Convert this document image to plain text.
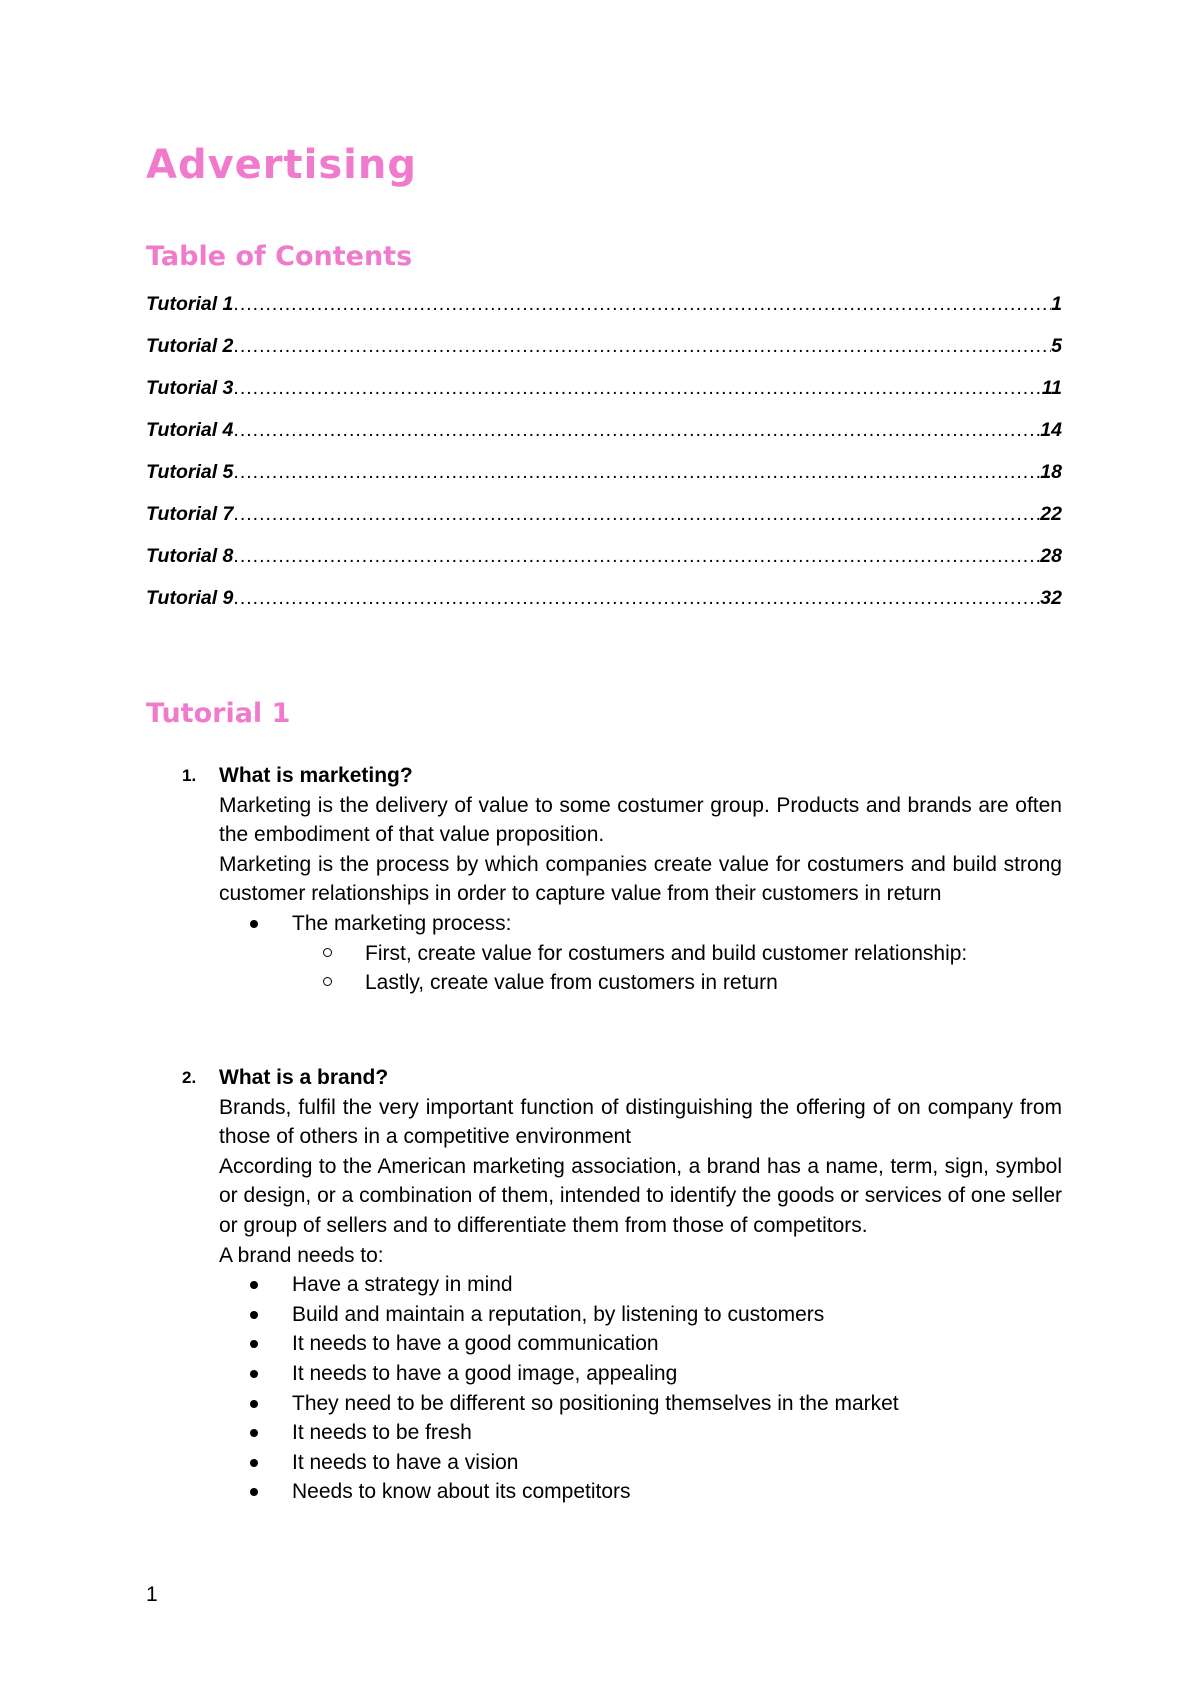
Advertising
Table of Contents
Tutorial 1 .....	1
Tutorial 2 .....	5
Tutorial 3 .....	11
Tutorial 4 .....	14
Tutorial 5 .....	18
Tutorial 7 .....	22
Tutorial 8 .....	28
Tutorial 9 .....	32
Tutorial 1
1. What is marketing?

Marketing is the delivery of value to some costumer group. Products and brands are often the embodiment of that value proposition.

Marketing is the process by which companies create value for costumers and build strong customer relationships in order to capture value from their customers in return

The marketing process:
First, create value for costumers and build customer relationship:
Lastly, create value from customers in return
2. What is a brand?

Brands, fulfil the very important function of distinguishing the offering of on company from those of others in a competitive environment

According to the American marketing association, a brand has a name, term, sign, symbol or design, or a combination of them, intended to identify the goods or services of one seller or group of sellers and to differentiate them from those of competitors.

A brand needs to:

Have a strategy in mind
Build and maintain a reputation, by listening to customers
It needs to have a good communication
It needs to have a good image, appealing
They need to be different so positioning themselves in the market
It needs to be fresh
It needs to have a vision
Needs to know about its competitors
1
